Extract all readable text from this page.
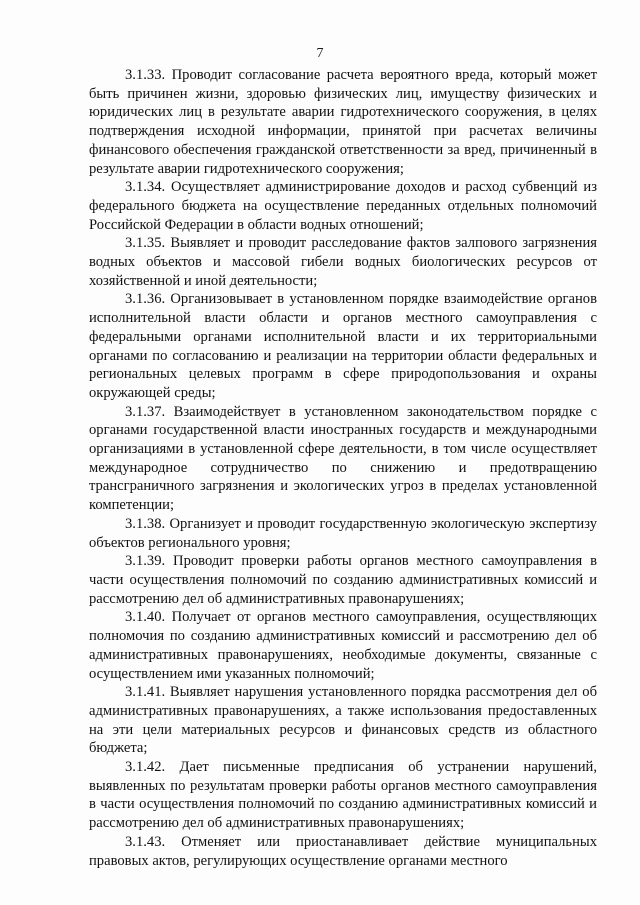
7

3.1.33. Проводит согласование расчета вероятного вреда, который может быть причинен жизни, здоровью физических лиц, имуществу физических и юридических лиц в результате аварии гидротехнического сооружения, в целях подтверждения исходной информации, принятой при расчетах величины финансового обеспечения гражданской ответственности за вред, причиненный в результате аварии гидротехнического сооружения;

3.1.34. Осуществляет администрирование доходов и расход субвенций из федерального бюджета на осуществление переданных отдельных полномочий Российской Федерации в области водных отношений;

3.1.35. Выявляет и проводит расследование фактов залпового загрязнения водных объектов и массовой гибели водных биологических ресурсов от хозяйственной и иной деятельности;

3.1.36. Организовывает в установленном порядке взаимодействие органов исполнительной власти области и органов местного самоуправления с федеральными органами исполнительной власти и их территориальными органами по согласованию и реализации на территории области федеральных и региональных целевых программ в сфере природопользования и охраны окружающей среды;

3.1.37. Взаимодействует в установленном законодательством порядке с органами государственной власти иностранных государств и международными организациями в установленной сфере деятельности, в том числе осуществляет международное сотрудничество по снижению и предотвращению трансграничного загрязнения и экологических угроз в пределах установленной компетенции;

3.1.38. Организует и проводит государственную экологическую экспертизу объектов регионального уровня;

3.1.39. Проводит проверки работы органов местного самоуправления в части осуществления полномочий по созданию административных комиссий и рассмотрению дел об административных правонарушениях;

3.1.40. Получает от органов местного самоуправления, осуществляющих полномочия по созданию административных комиссий и рассмотрению дел об административных правонарушениях, необходимые документы, связанные с осуществлением ими указанных полномочий;

3.1.41. Выявляет нарушения установленного порядка рассмотрения дел об административных правонарушениях, а также использования предоставленных на эти цели материальных ресурсов и финансовых средств из областного бюджета;

3.1.42. Дает письменные предписания об устранении нарушений, выявленных по результатам проверки работы органов местного самоуправления в части осуществления полномочий по созданию административных комиссий и рассмотрению дел об административных правонарушениях;

3.1.43. Отменяет или приостанавливает действие муниципальных правовых актов, регулирующих осуществление органами местного
